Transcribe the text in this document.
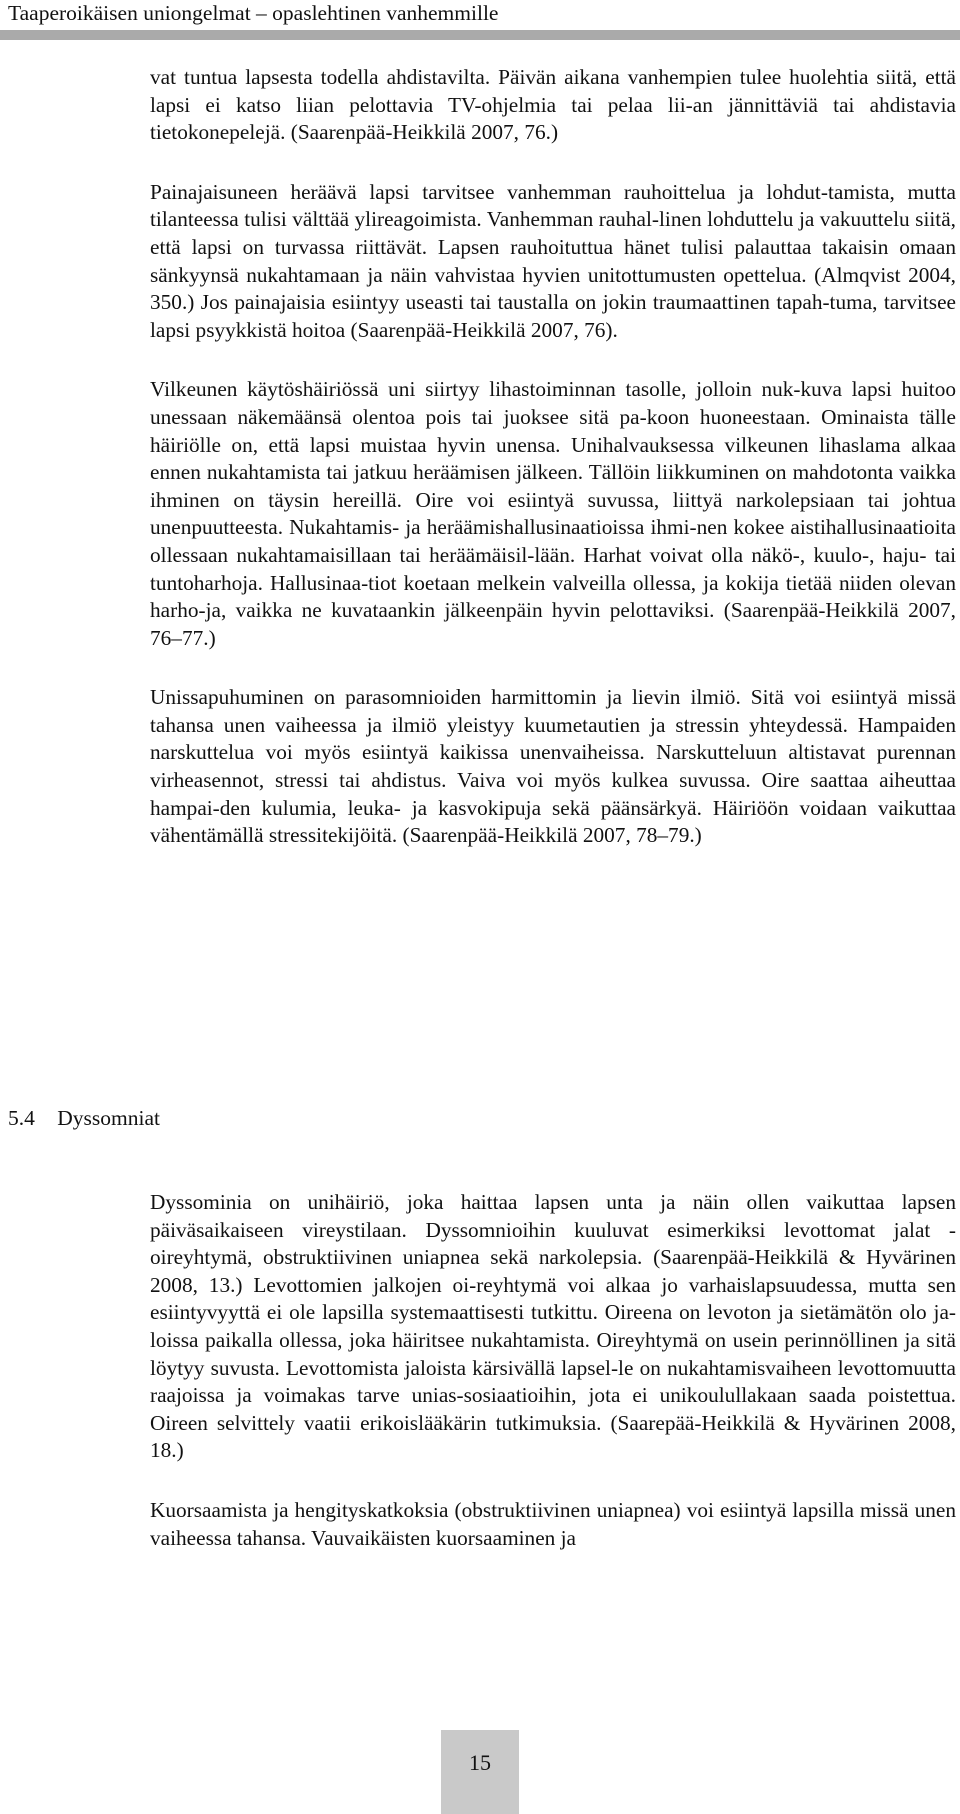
Taaperoikäisen uniongelmat – opaslehtinen vanhemmille

vat tuntua lapsesta todella ahdistavilta. Päivän aikana vanhempien tulee huolehtia siitä, että lapsi ei katso liian pelottavia TV-ohjelmia tai pelaa lii-an jännittäviä tai ahdistavia tietokonepelejä. (Saarenpää-Heikkilä 2007, 76.)

Painajaisuneen heräävä lapsi tarvitsee vanhemman rauhoittelua ja lohdut-tamista, mutta tilanteessa tulisi välttää ylireagoimista. Vanhemman rauhal-linen lohduttelu ja vakuuttelu siitä, että lapsi on turvassa riittävät. Lapsen rauhoituttua hänet tulisi palauttaa takaisin omaan sänkyynsä nukahtamaan ja näin vahvistaa hyvien unitottumusten opettelua. (Almqvist 2004, 350.) Jos painajaisia esiintyy useasti tai taustalla on jokin traumaattinen tapah-tuma, tarvitsee lapsi psyykkistä hoitoa (Saarenpää-Heikkilä 2007, 76).

Vilkeunen käytöshäiriössä uni siirtyy lihastoiminnan tasolle, jolloin nuk-kuva lapsi huitoo unessaan näkemäänsä olentoa pois tai juoksee sitä pa-koon huoneestaan. Ominaista tälle häiriölle on, että lapsi muistaa hyvin unensa. Unihalvauksessa vilkeunen lihaslama alkaa ennen nukahtamista tai jatkuu heräämisen jälkeen. Tällöin liikkuminen on mahdotonta vaikka ihminen on täysin hereillä. Oire voi esiintyä suvussa, liittyä narkolepsiaan tai johtua unenpuutteesta. Nukahtamis- ja heräämishallusinaatioissa ihmi-nen kokee aistihallusinaatioita ollessaan nukahtamaisillaan tai heräämäisil-lään. Harhat voivat olla näkö-, kuulo-, haju- tai tuntoharhoja. Hallusinaa-tiot koetaan melkein valveilla ollessa, ja kokija tietää niiden olevan harho-ja, vaikka ne kuvataankin jälkeenpäin hyvin pelottaviksi. (Saarenpää-Heikkilä 2007, 76–77.)

Unissapuhuminen on parasomnioiden harmittomin ja lievin ilmiö. Sitä voi esiintyä missä tahansa unen vaiheessa ja ilmiö yleistyy kuumetautien ja stressin yhteydessä. Hampaiden narskuttelua voi myös esiintyä kaikissa unenvaiheissa. Narskutteluun altistavat purennan virheasennot, stressi tai ahdistus. Vaiva voi myös kulkea suvussa. Oire saattaa aiheuttaa hampai-den kulumia, leuka- ja kasvokipuja sekä päänsärkyä. Häiriöön voidaan vaikuttaa vähentämällä stressitekijöitä. (Saarenpää-Heikkilä 2007, 78–79.)

5.4 Dyssomniat

Dyssominia on unihäiriö, joka haittaa lapsen unta ja näin ollen vaikuttaa lapsen päiväsaikaiseen vireystilaan. Dyssomnioihin kuuluvat esimerkiksi levottomat jalat -oireyhtymä, obstruktiivinen uniapnea sekä narkolepsia. (Saarenpää-Heikkilä & Hyvärinen 2008, 13.) Levottomien jalkojen oi-reyhtymä voi alkaa jo varhaislapsuudessa, mutta sen esiintyvyyttä ei ole lapsilla systemaattisesti tutkittu. Oireena on levoton ja sietämätön olo ja-loissa paikalla ollessa, joka häiritsee nukahtamista. Oireyhtymä on usein perinnöllinen ja sitä löytyy suvusta. Levottomista jaloista kärsivällä lapsel-le on nukahtamisvaiheen levottomuutta raajoissa ja voimakas tarve unias-sosiaatioihin, jota ei unikoulullakaan saada poistettua. Oireen selvittely vaatii erikoislääkärin tutkimuksia. (Saarepää-Heikkilä & Hyvärinen 2008, 18.)

Kuorsaamista ja hengityskatkoksia (obstruktiivinen uniapnea) voi esiintyä lapsilla missä unen vaiheessa tahansa. Vauvaikäisten kuorsaaminen ja

15
